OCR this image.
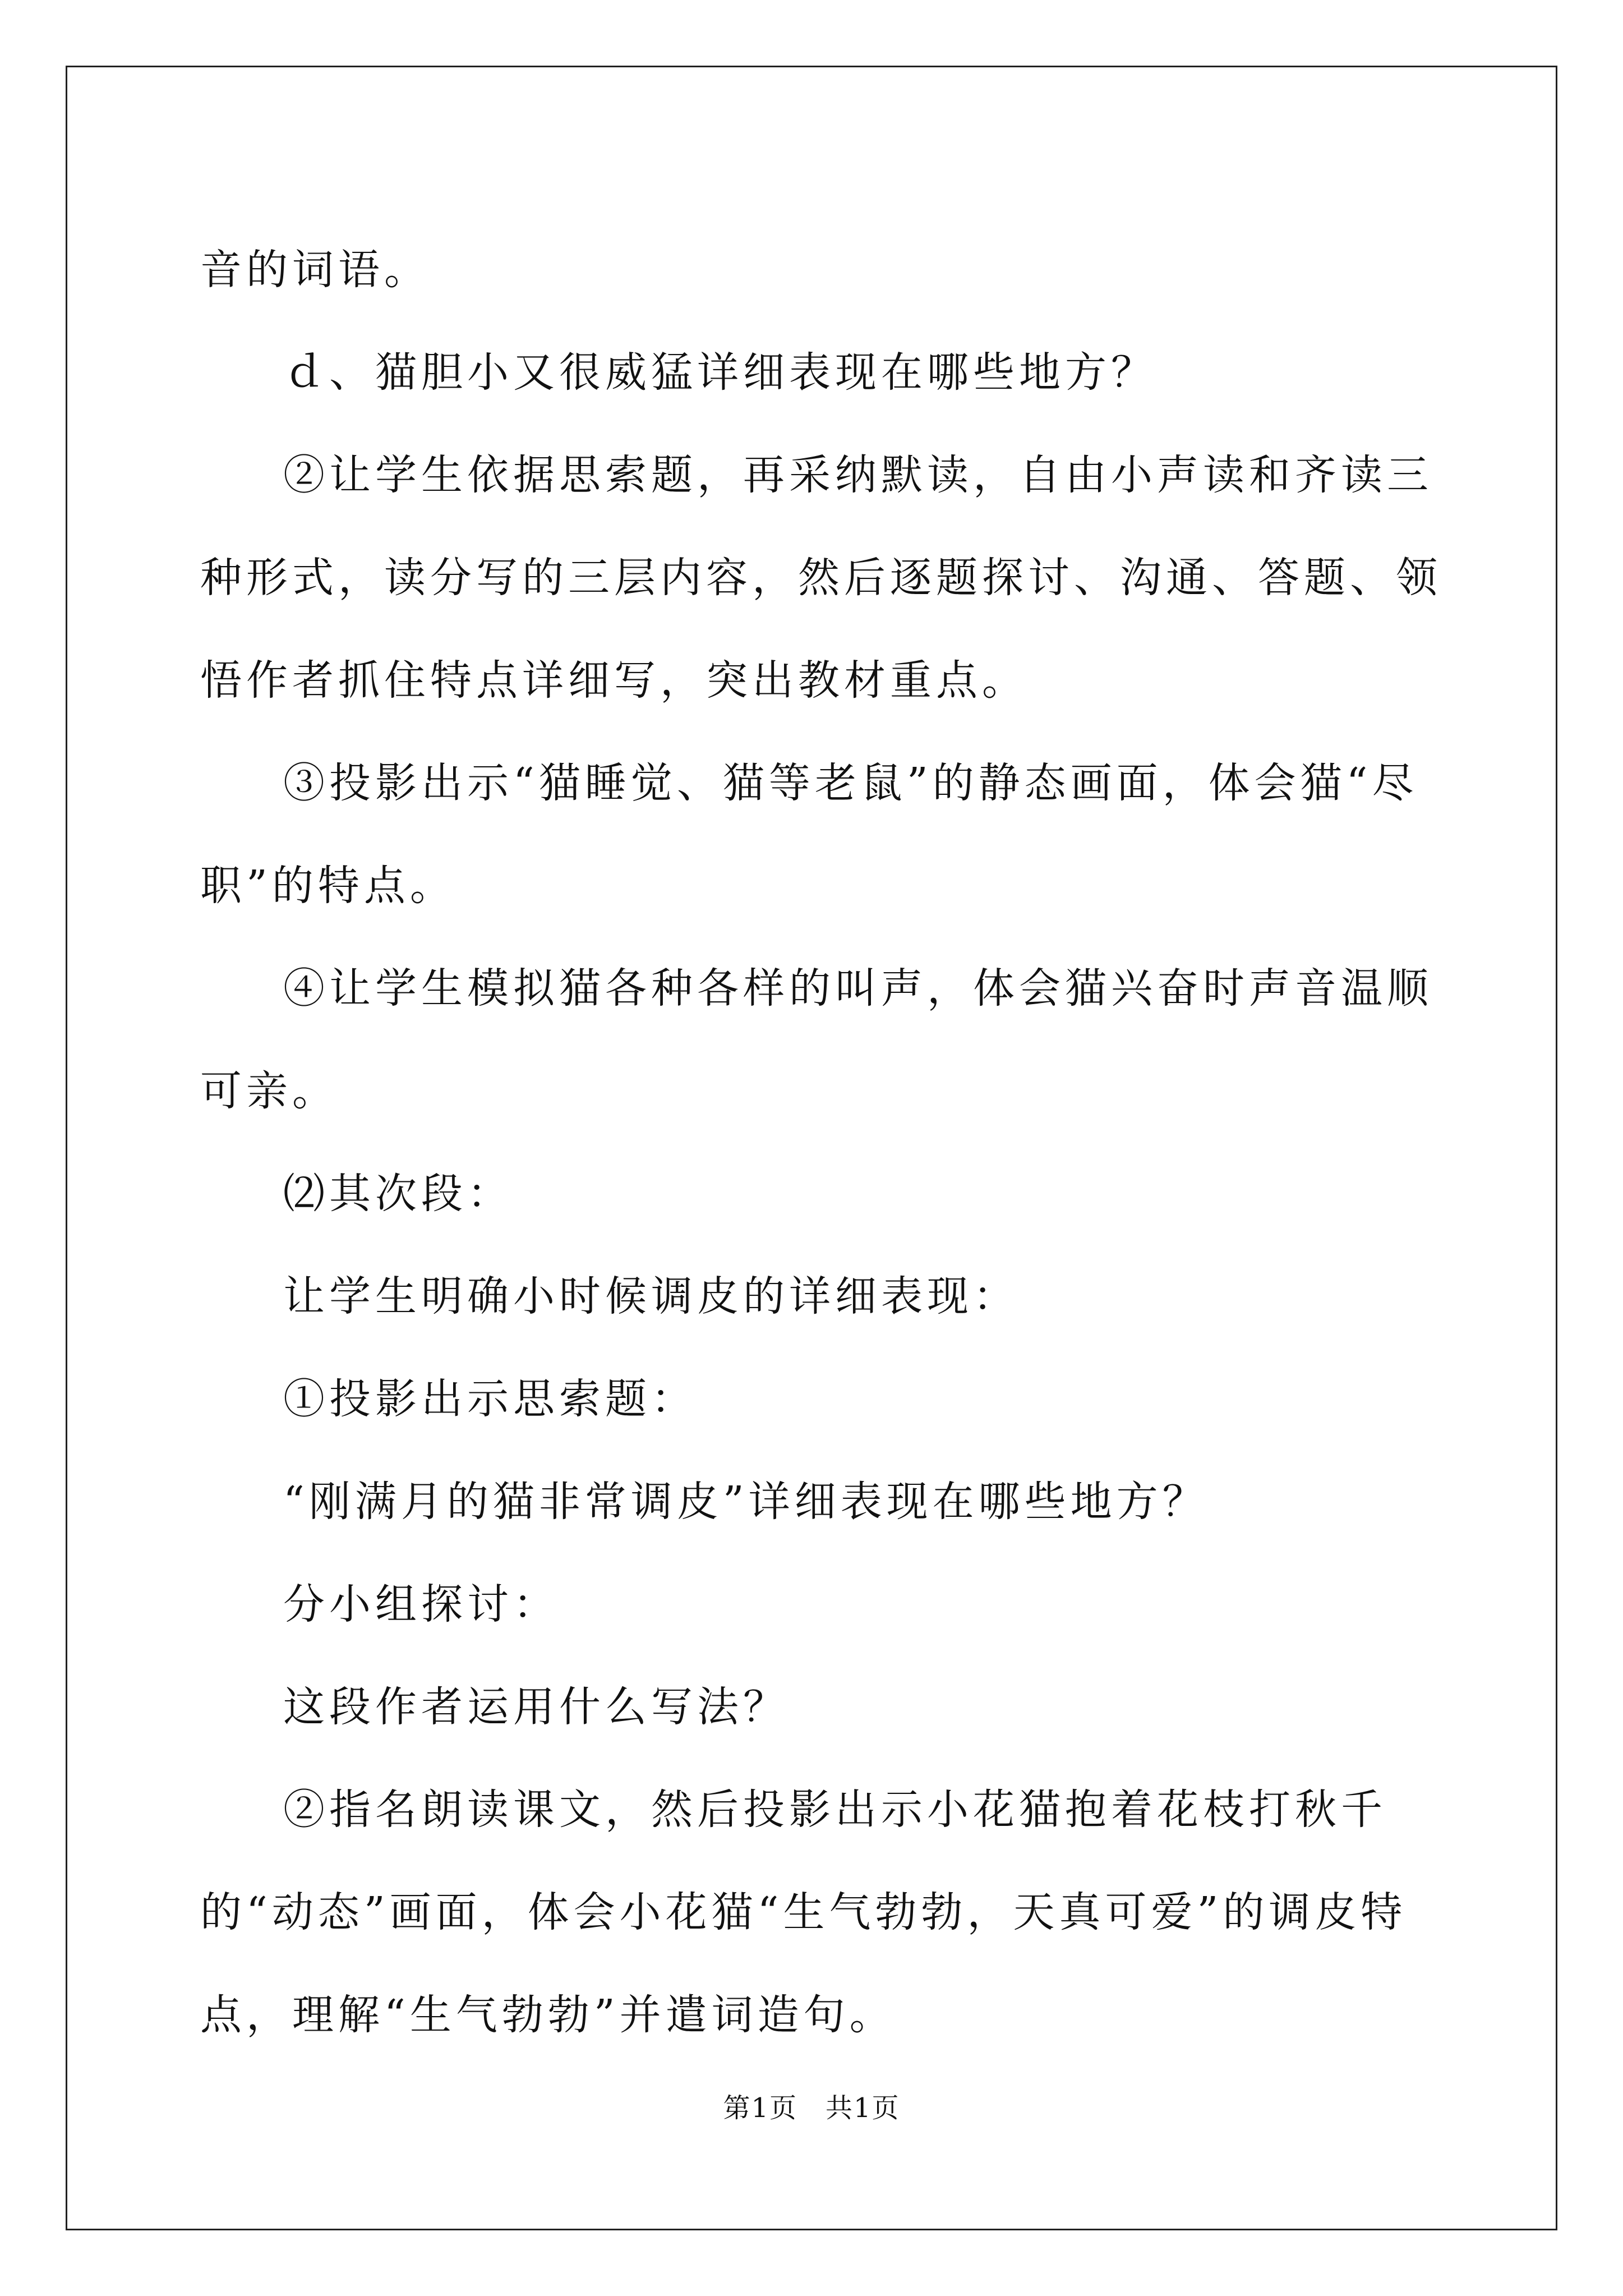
音的词语。

ｄ、猫胆小又很威猛详细表现在哪些地方？

②让学生依据思索题，再采纳默读，自由小声读和齐读三种形式，读分写的三层内容，然后逐题探讨、沟通、答题、领悟作者抓住特点详细写，突出教材重点。

③投影出示“猫睡觉、猫等老鼠”的静态画面，体会猫“尽职”的特点。

④让学生模拟猫各种各样的叫声，体会猫兴奋时声音温顺可亲。

⑵其次段：

让学生明确小时候调皮的详细表现：

①投影出示思索题：

“刚满月的猫非常调皮”详细表现在哪些地方？

分小组探讨：

这段作者运用什么写法？

②指名朗读课文，然后投影出示小花猫抱着花枝打秋千的“动态”画面，体会小花猫“生气勃勃，天真可爱”的调皮特点，理解“生气勃勃”并遣词造句。

第1页　共1页
